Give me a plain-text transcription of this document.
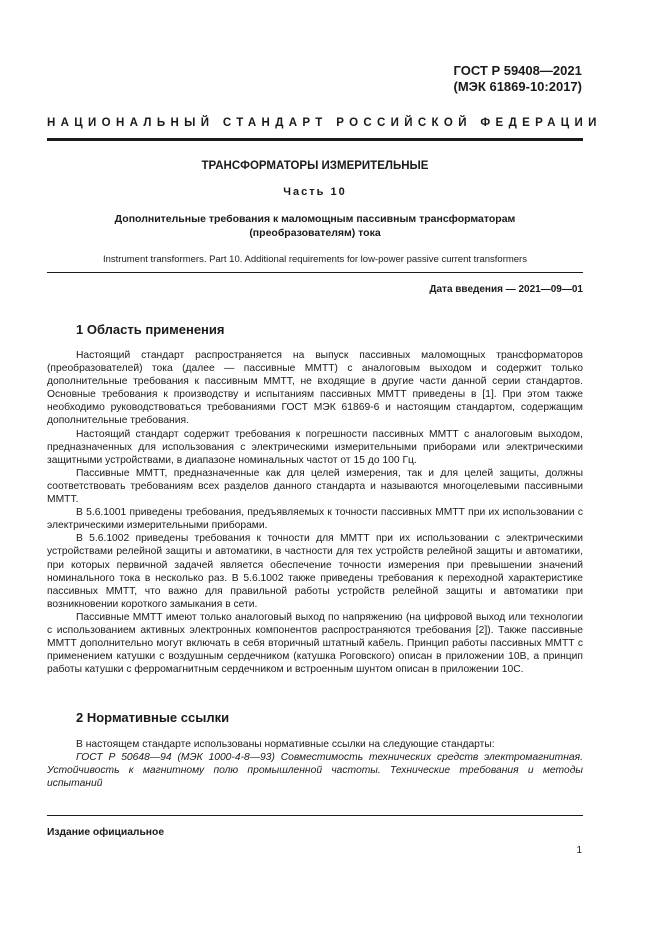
ГОСТ Р 59408—2021
(МЭК 61869-10:2017)
НАЦИОНАЛЬНЫЙ СТАНДАРТ РОССИЙСКОЙ ФЕДЕРАЦИИ
ТРАНСФОРМАТОРЫ ИЗМЕРИТЕЛЬНЫЕ
Часть 10
Дополнительные требования к маломощным пассивным трансформаторам
(преобразователям) тока
Instrument transformers. Part 10. Additional requirements for low-power passive current transformers
Дата введения — 2021—09—01
1 Область применения

Настоящий стандарт распространяется на выпуск пассивных маломощных трансформаторов (преобразователей) тока (далее — пассивные ММТТ) с аналоговым выходом и содержит только дополнительные требования к пассивным ММТТ, не входящие в другие части данной серии стандартов. Основные требования к производству и испытаниям пассивных ММТТ приведены в [1]. При этом также необходимо руководствоваться требованиями ГОСТ МЭК 61869-6 и настоящим стандартом, содержащим дополнительные требования.

Настоящий стандарт содержит требования к погрешности пассивных ММТТ с аналоговым выходом, предназначенных для использования с электрическими измерительными приборами или электрическими защитными устройствами, в диапазоне номинальных частот от 15 до 100 Гц.

Пассивные ММТТ, предназначенные как для целей измерения, так и для целей защиты, должны соответствовать требованиям всех разделов данного стандарта и называются многоцелевыми пассивными ММТТ.

В 5.6.1001 приведены требования, предъявляемых к точности пассивных ММТТ при их использовании с электрическими измерительными приборами.

В 5.6.1002 приведены требования к точности для ММТТ при их использовании с электрическими устройствами релейной защиты и автоматики, в частности для тех устройств релейной защиты и автоматики, при которых первичной задачей является обеспечение точности измерения при превышении значений номинального тока в несколько раз. В 5.6.1002 также приведены требования к переходной характеристике пассивных ММТТ, что важно для правильной работы устройств релейной защиты и автоматики при возникновении короткого замыкания в сети.

Пассивные ММТТ имеют только аналоговый выход по напряжению (на цифровой выход или технологии с использованием активных электронных компонентов распространяются требования [2]). Также пассивные ММТТ дополнительно могут включать в себя вторичный штатный кабель. Принцип работы пассивных ММТТ с применением катушки с воздушным сердечником (катушка Роговского) описан в приложении 10B, а принцип работы катушки с ферромагнитным сердечником и встроенным шунтом описан в приложении 10C.

2 Нормативные ссылки

В настоящем стандарте использованы нормативные ссылки на следующие стандарты:

ГОСТ Р 50648—94 (МЭК 1000-4-8—93) Совместимость технических средств электромагнитная. Устойчивость к магнитному полю промышленной частоты. Технические требования и методы испытаний

Издание официальное
1
